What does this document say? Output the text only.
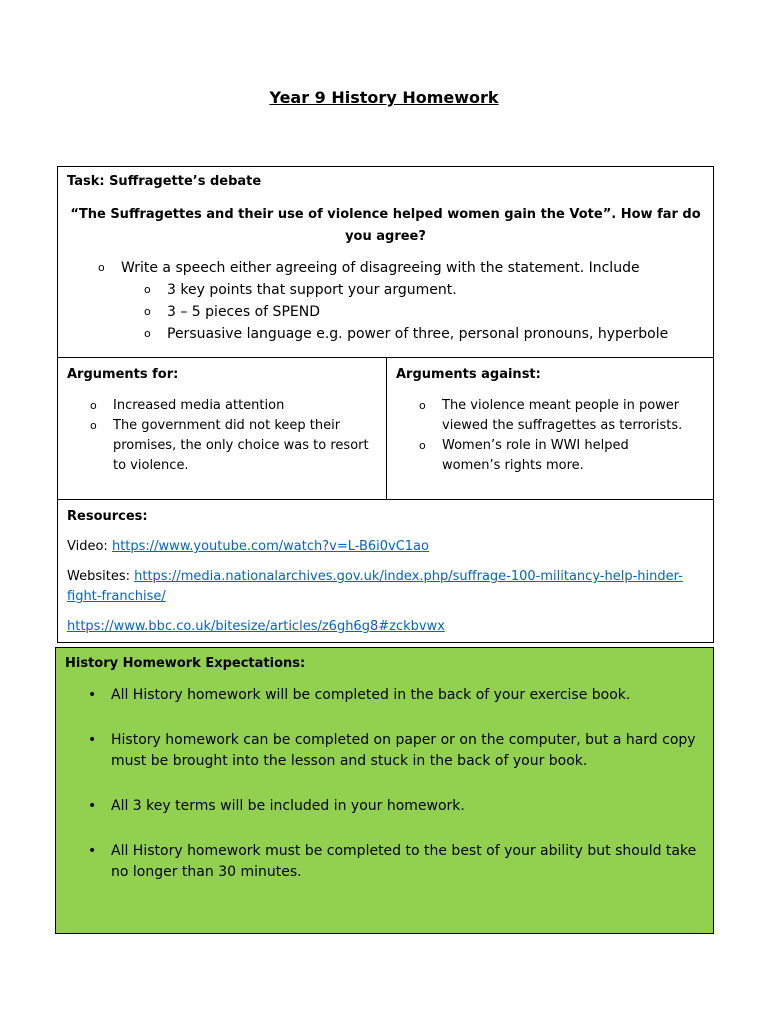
Year 9 History Homework
Task: Suffragette’s debate
“The Suffragettes and their use of violence helped women gain the Vote”. How far do you agree?
o Write a speech either agreeing of disagreeing with the statement. Include
o 3 key points that support your argument.
o 3 – 5 pieces of SPEND
o Persuasive language e.g. power of three, personal pronouns, hyperbole
Arguments for:
o Increased media attention
o The government did not keep their promises, the only choice was to resort to violence.
Arguments against:
o The violence meant people in power viewed the suffragettes as terrorists.
o Women’s role in WWI helped women’s rights more.
Resources:
Video: https://www.youtube.com/watch?v=L-B6i0vC1ao
Websites: https://media.nationalarchives.gov.uk/index.php/suffrage-100-militancy-help-hinder-fight-franchise/
https://www.bbc.co.uk/bitesize/articles/z6gh6g8#zckbvwx
History Homework Expectations:
• All History homework will be completed in the back of your exercise book.
• History homework can be completed on paper or on the computer, but a hard copy must be brought into the lesson and stuck in the back of your book.
• All 3 key terms will be included in your homework.
• All History homework must be completed to the best of your ability but should take no longer than 30 minutes.
